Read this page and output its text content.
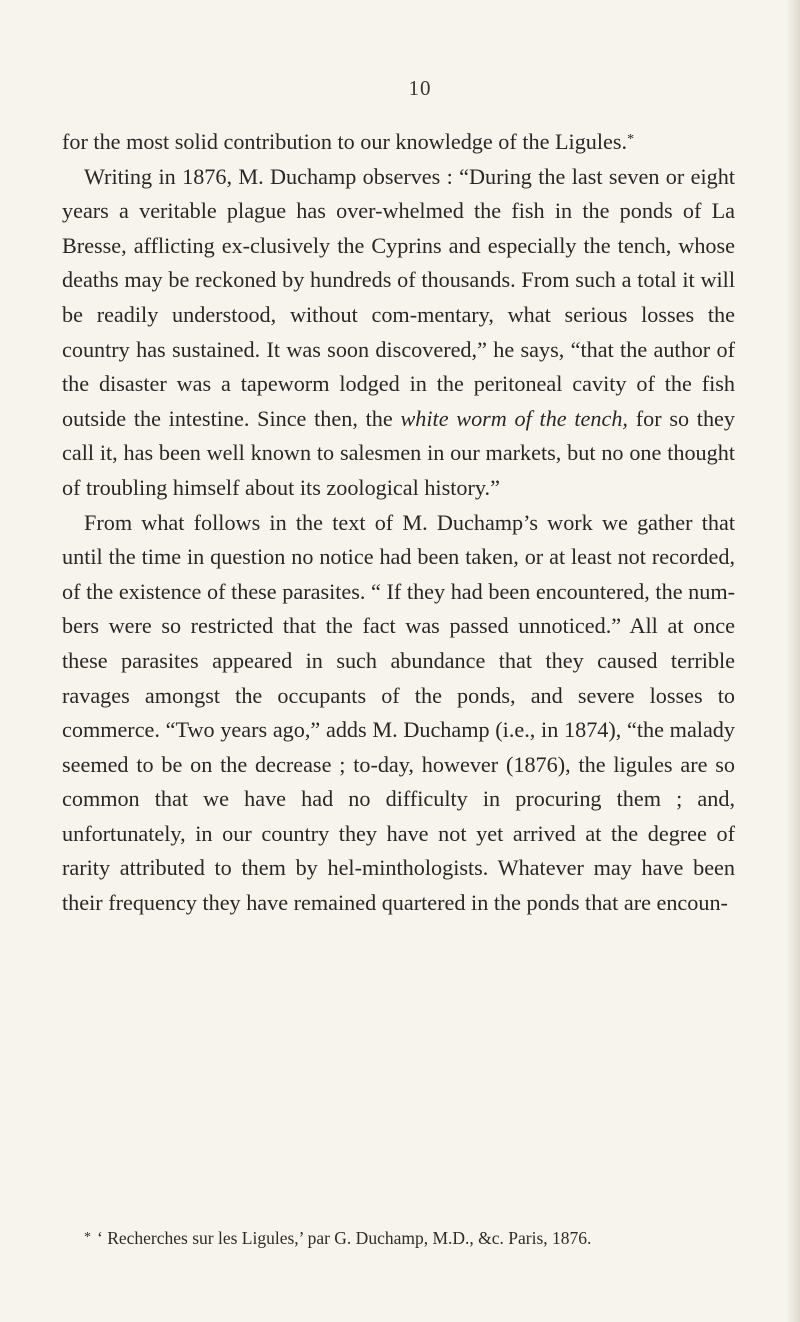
10

for the most solid contribution to our knowledge of the Ligules.*

Writing in 1876, M. Duchamp observes : “During the last seven or eight years a veritable plague has over-whelmed the fish in the ponds of La Bresse, afflicting ex-clusively the Cyprins and especially the tench, whose deaths may be reckoned by hundreds of thousands. From such a total it will be readily understood, without com-mentary, what serious losses the country has sustained. It was soon discovered,” he says, “that the author of the disaster was a tapeworm lodged in the peritoneal cavity of the fish outside the intestine. Since then, the white worm of the tench, for so they call it, has been well known to salesmen in our markets, but no one thought of troubling himself about its zoological history.”

From what follows in the text of M. Duchamp’s work we gather that until the time in question no notice had been taken, or at least not recorded, of the existence of these parasites. “ If they had been encountered, the num-bers were so restricted that the fact was passed unnoticed.” All at once these parasites appeared in such abundance that they caused terrible ravages amongst the occupants of the ponds, and severe losses to commerce. “Two years ago,” adds M. Duchamp (i.e., in 1874), “the malady seemed to be on the decrease ; to-day, however (1876), the ligules are so common that we have had no difficulty in procuring them ; and, unfortunately, in our country they have not yet arrived at the degree of rarity attributed to them by hel-minthologists. Whatever may have been their frequency they have remained quartered in the ponds that are encoun-

* ‘ Recherches sur les Ligules,’ par G. Duchamp, M.D., &c. Paris, 1876.
